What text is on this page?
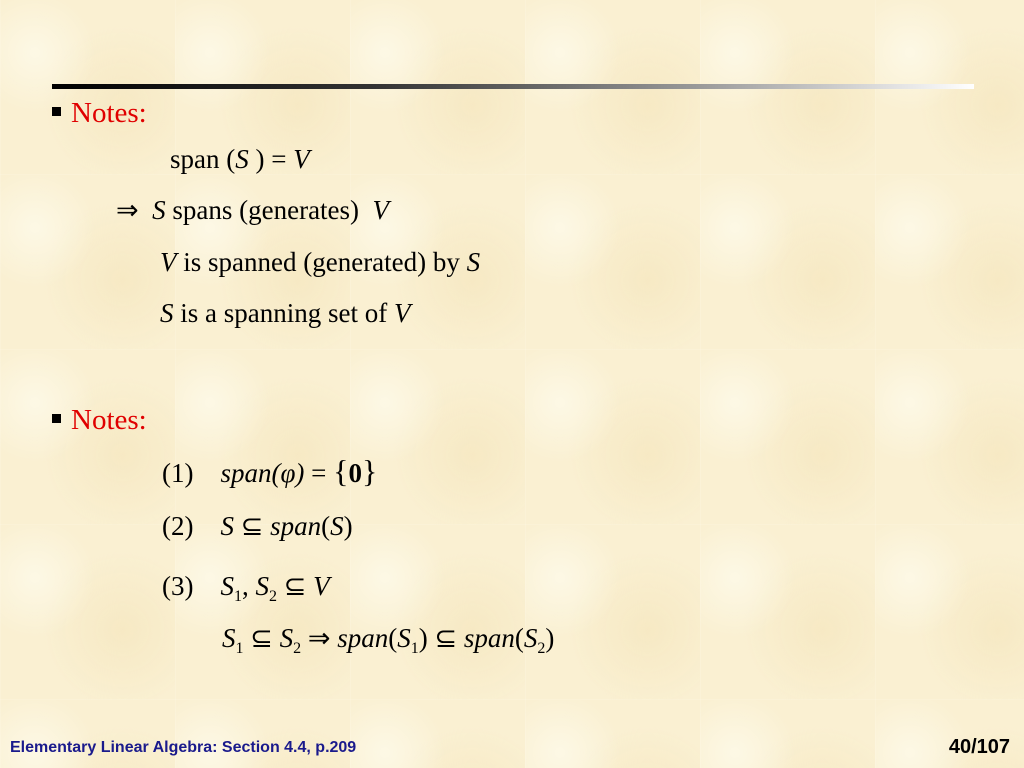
Notes:
span (S ) = V
⇒ S spans (generates) V
V is spanned (generated) by S
S is a spanning set of V
Notes:
(1) span(φ) = {0}
(2) S ⊆ span(S)
(3) $S_1$, $S_2$ ⊆ V
$S_1$ ⊆ $S_2$ ⇒ $span(S_1)$ ⊆ $span(S_2)$
Elementary Linear Algebra: Section 4.4, p.209	40/107
